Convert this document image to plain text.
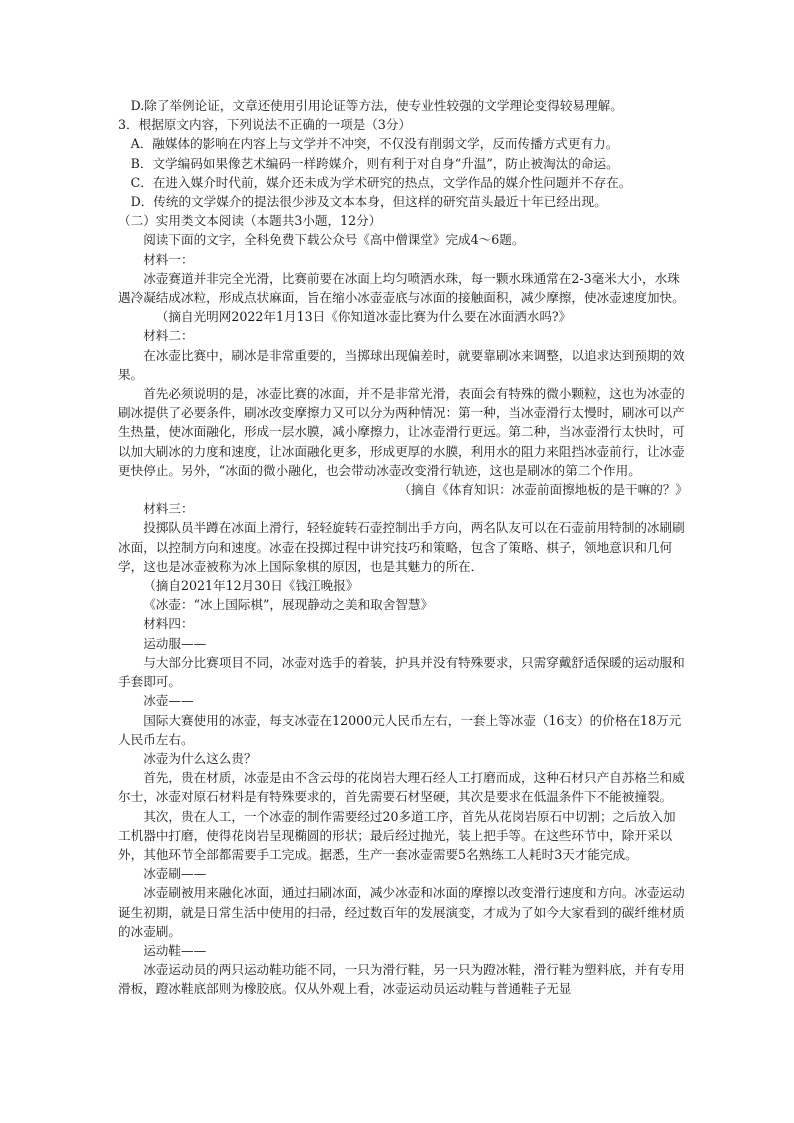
D.除了举例论证，文章还使用引用论证等方法，使专业性较强的文学理论变得较易理解。

3．根据原文内容，下列说法不正确的一项是（3分）

A．融媒体的影响在内容上与文学并不冲突，不仅没有削弱文学，反而传播方式更有力。

B．文学编码如果像艺术编码一样跨媒介，则有利于对自身“升温”，防止被淘汰的命运。

C．在进入媒介时代前，媒介还未成为学术研究的热点，文学作品的媒介性问题并不存在。

D．传统的文学媒介的提法很少涉及文本本身，但这样的研究苗头最近十年已经出现。

（二）实用类文本阅读（本题共3小题，12分）

阅读下面的文字，全科免费下载公众号《高中僧课堂》完成4～6题。

材料一：

冰壶赛道并非完全光滑，比赛前要在冰面上均匀喷洒水珠，每一颗水珠通常在2-3毫米大小，水珠遇冷凝结成冰粒，形成点状麻面，旨在缩小冰壶壶底与冰面的接触面积，减少摩擦，使冰壶速度加快。

（摘自光明网2022年1月13日《你知道冰壶比赛为什么要在冰面洒水吗?》

材料二：

在冰壶比赛中，刷冰是非常重要的，当掷球出现偏差时，就要靠刷冰来调整，以追求达到预期的效果。

首先必须说明的是，冰壶比赛的冰面，并不是非常光滑，表面会有特殊的微小颗粒，这也为冰壶的刷冰提供了必要条件，刷冰改变摩擦力又可以分为两种情况：第一种，当冰壶滑行太慢时，刷冰可以产生热量，使冰面融化，形成一层水膜，减小摩擦力，让冰壶滑行更远。第二种，当冰壶滑行太快时，可以加大刷冰的力度和速度，让冰面融化更多，形成更厚的水膜，利用水的阻力来阻挡冰壶前行，让冰壶更快停止。另外，“冰面的微小融化，也会带动冰壶改变滑行轨迹，这也是刷冰的第二个作用。

（摘自《体育知识：冰壶前面擦地板的是干嘛的？》

材料三：

投掷队员半蹲在冰面上滑行，轻轻旋转石壶控制出手方向，两名队友可以在石壶前用特制的冰刷刷冰面，以控制方向和速度。冰壶在投掷过程中讲究技巧和策略，包含了策略、棋子，领地意识和几何学，这也是冰壶被称为冰上国际象棋的原因，也是其魅力的所在．

（摘自2021年12月30日《钱江晚报》

《冰壶：“冰上国际棋”，展现静动之美和取舍智慧》

材料四：

运动服——

与大部分比赛项目不同，冰壶对选手的着装，护具并没有特殊要求，只需穿戴舒适保暖的运动服和手套即可。

冰壶——

国际大赛使用的冰壶，每支冰壶在12000元人民币左右，一套上等冰壶（16支）的价格在18万元人民币左右。

冰壶为什么这么贵？

首先，贵在材质，冰壶是由不含云母的花岗岩大理石经人工打磨而成，这种石材只产自苏格兰和威尔士，冰壶对原石材料是有特殊要求的，首先需要石材坚硬，其次是要求在低温条件下不能被撞裂。

其次，贵在人工，一个冰壶的制作需要经过20多道工序，首先从花岗岩原石中切割；之后放入加工机器中打磨，使得花岗岩呈现椭圆的形状；最后经过抛光，装上把手等。在这些环节中，除开采以外，其他环节全部都需要手工完成。据悉，生产一套冰壶需要5名熟练工人耗时3天才能完成。

冰壶刷——

冰壶刷被用来融化冰面，通过扫刷冰面，减少冰壶和冰面的摩擦以改变滑行速度和方向。冰壶运动诞生初期，就是日常生活中使用的扫帚，经过数百年的发展演变，才成为了如今大家看到的碳纤维材质的冰壶刷。

运动鞋——

冰壶运动员的两只运动鞋功能不同，一只为滑行鞋，另一只为蹬冰鞋，滑行鞋为塑料底，并有专用滑板，蹬冰鞋底部则为橡胶底。仅从外观上看，冰壶运动员运动鞋与普通鞋子无显
